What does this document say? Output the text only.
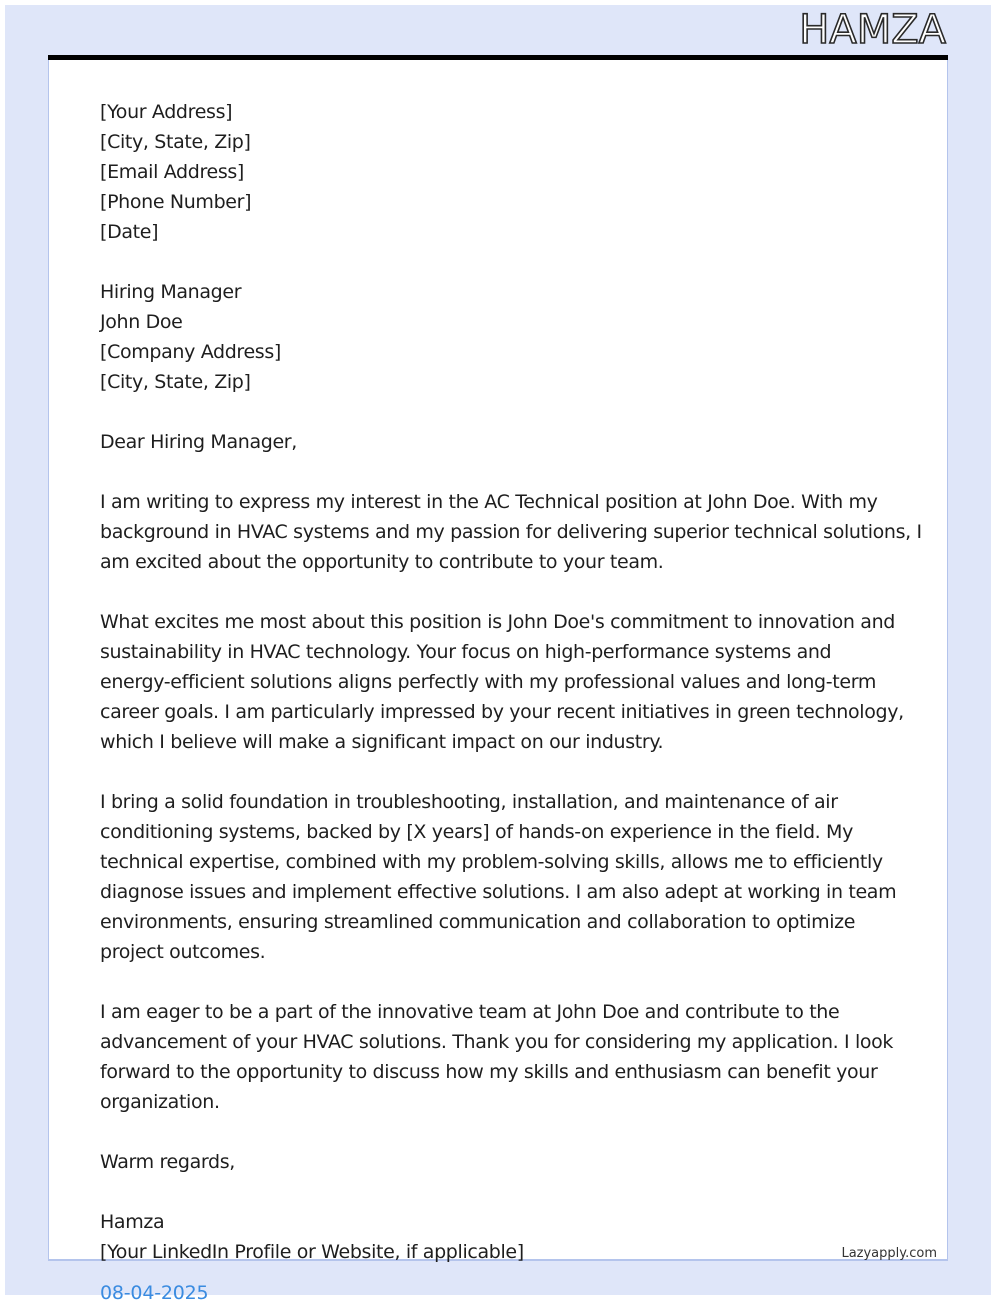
HAMZA
[Your Address]
[City, State, Zip]
[Email Address]
[Phone Number]
[Date]
Hiring Manager
John Doe
[Company Address]
[City, State, Zip]
Dear Hiring Manager,

I am writing to express my interest in the AC Technical position at John Doe. With my

background in HVAC systems and my passion for delivering superior technical solutions, I

am excited about the opportunity to contribute to your team.

What excites me most about this position is John Doe's commitment to innovation and

sustainability in HVAC technology. Your focus on high-performance systems and

energy-efficient solutions aligns perfectly with my professional values and long-term

career goals. I am particularly impressed by your recent initiatives in green technology,

which I believe will make a significant impact on our industry.

I bring a solid foundation in troubleshooting, installation, and maintenance of air

conditioning systems, backed by [X years] of hands-on experience in the field. My

technical expertise, combined with my problem-solving skills, allows me to efficiently

diagnose issues and implement effective solutions. I am also adept at working in team

environments, ensuring streamlined communication and collaboration to optimize

project outcomes.

I am eager to be a part of the innovative team at John Doe and contribute to the

advancement of your HVAC solutions. Thank you for considering my application. I look

forward to the opportunity to discuss how my skills and enthusiasm can benefit your

organization.

Warm regards,
Hamza
[Your LinkedIn Profile or Website, if applicable]	Lazyapply.com
08-04-2025
